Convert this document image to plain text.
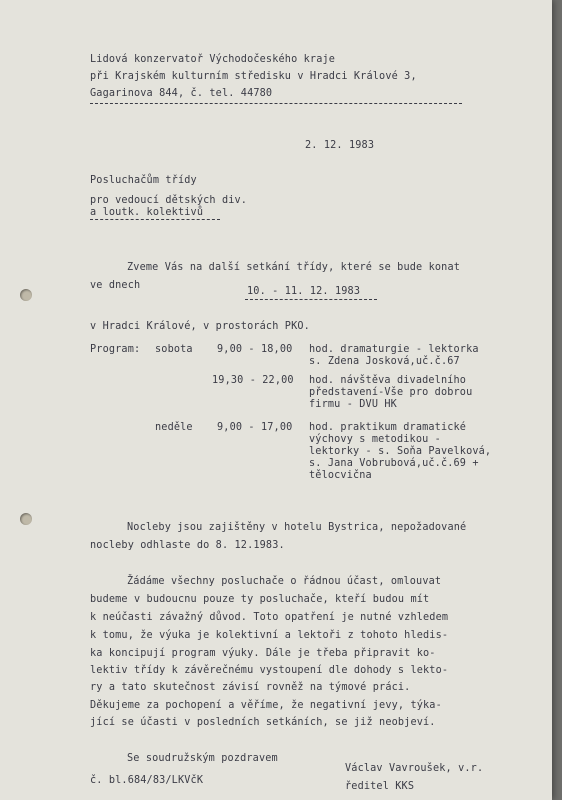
Lidová konzervatoř Východočeského kraje
při Krajském kulturním středisku v Hradci Králové 3,
Gagarinova 844, č. tel. 44780
2. 12. 1983
Posluchačům třídy
pro vedoucí dětských div.
a loutk. kolektivů
Zveme Vás na další setkání třídy, které se bude konat
ve dnech
10. - 11. 12. 1983
v Hradci Králové, v prostorách PKO.
Program: sobota 9,00 - 18,00 hod. dramaturgie - lektorka
s. Zdena Josková,uč.č.67
19,30 - 22,00 hod. návštěva divadelního
představení-Vše pro dobrou
firmu - DVU HK
neděle 9,00 - 17,00 hod. praktikum dramatické
výchovy s metodikou -
lektorky - s. Soňa Pavelková,
s. Jana Vobrubová,uč.č.69 +
tělocvična
Nocleby jsou zajištěny v hotelu Bystrica, nepožadované
nocleby odhlaste do 8. 12.1983.
Žádáme všechny posluchače o řádnou účast, omlouvat
budeme v budoucnu pouze ty posluchače, kteří budou mít
k neúčasti závažný důvod. Toto opatření je nutné vzhledem
k tomu, že výuka je kolektivní a lektoři z tohoto hledis-
ka koncipují program výuky. Dále je třeba připravit ko-
lektiv třídy k závěrečnému vystoupení dle dohody s lekto-
ry a tato skutečnost závisí rovněž na týmové práci.
Děkujeme za pochopení a věříme, že negativní jevy, týka-
jící se účasti v posledních setkáních, se již neobjeví.
Se soudružským pozdravem
Václav Vavroušek, v.r.
ředitel KKS
č. bl.684/83/LKVčK
